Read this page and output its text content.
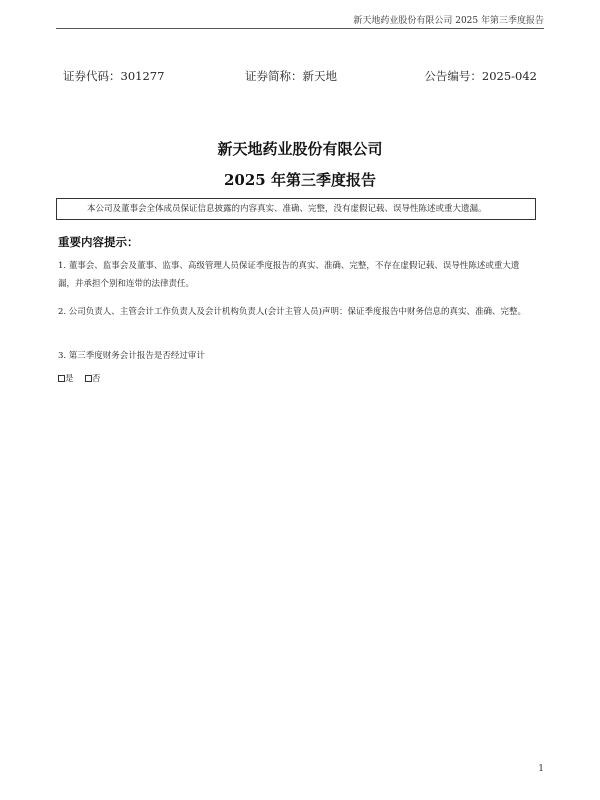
新天地药业股份有限公司 2025 年第三季度报告
证券代码：301277	证券简称：新天地	公告编号：2025-042
新天地药业股份有限公司
2025 年第三季度报告
本公司及董事会全体成员保证信息披露的内容真实、准确、完整，没有虚假记载、误导性陈述或重大遗漏。
重要内容提示：
1. 董事会、监事会及董事、监事、高级管理人员保证季度报告的真实、准确、完整，不存在虚假记载、误导性陈述或重大遗漏，并承担个别和连带的法律责任。
2. 公司负责人、主管会计工作负责人及会计机构负责人(会计主管人员)声明：保证季度报告中财务信息的真实、准确、完整。
3. 第三季度财务会计报告是否经过审计
是 否
1
